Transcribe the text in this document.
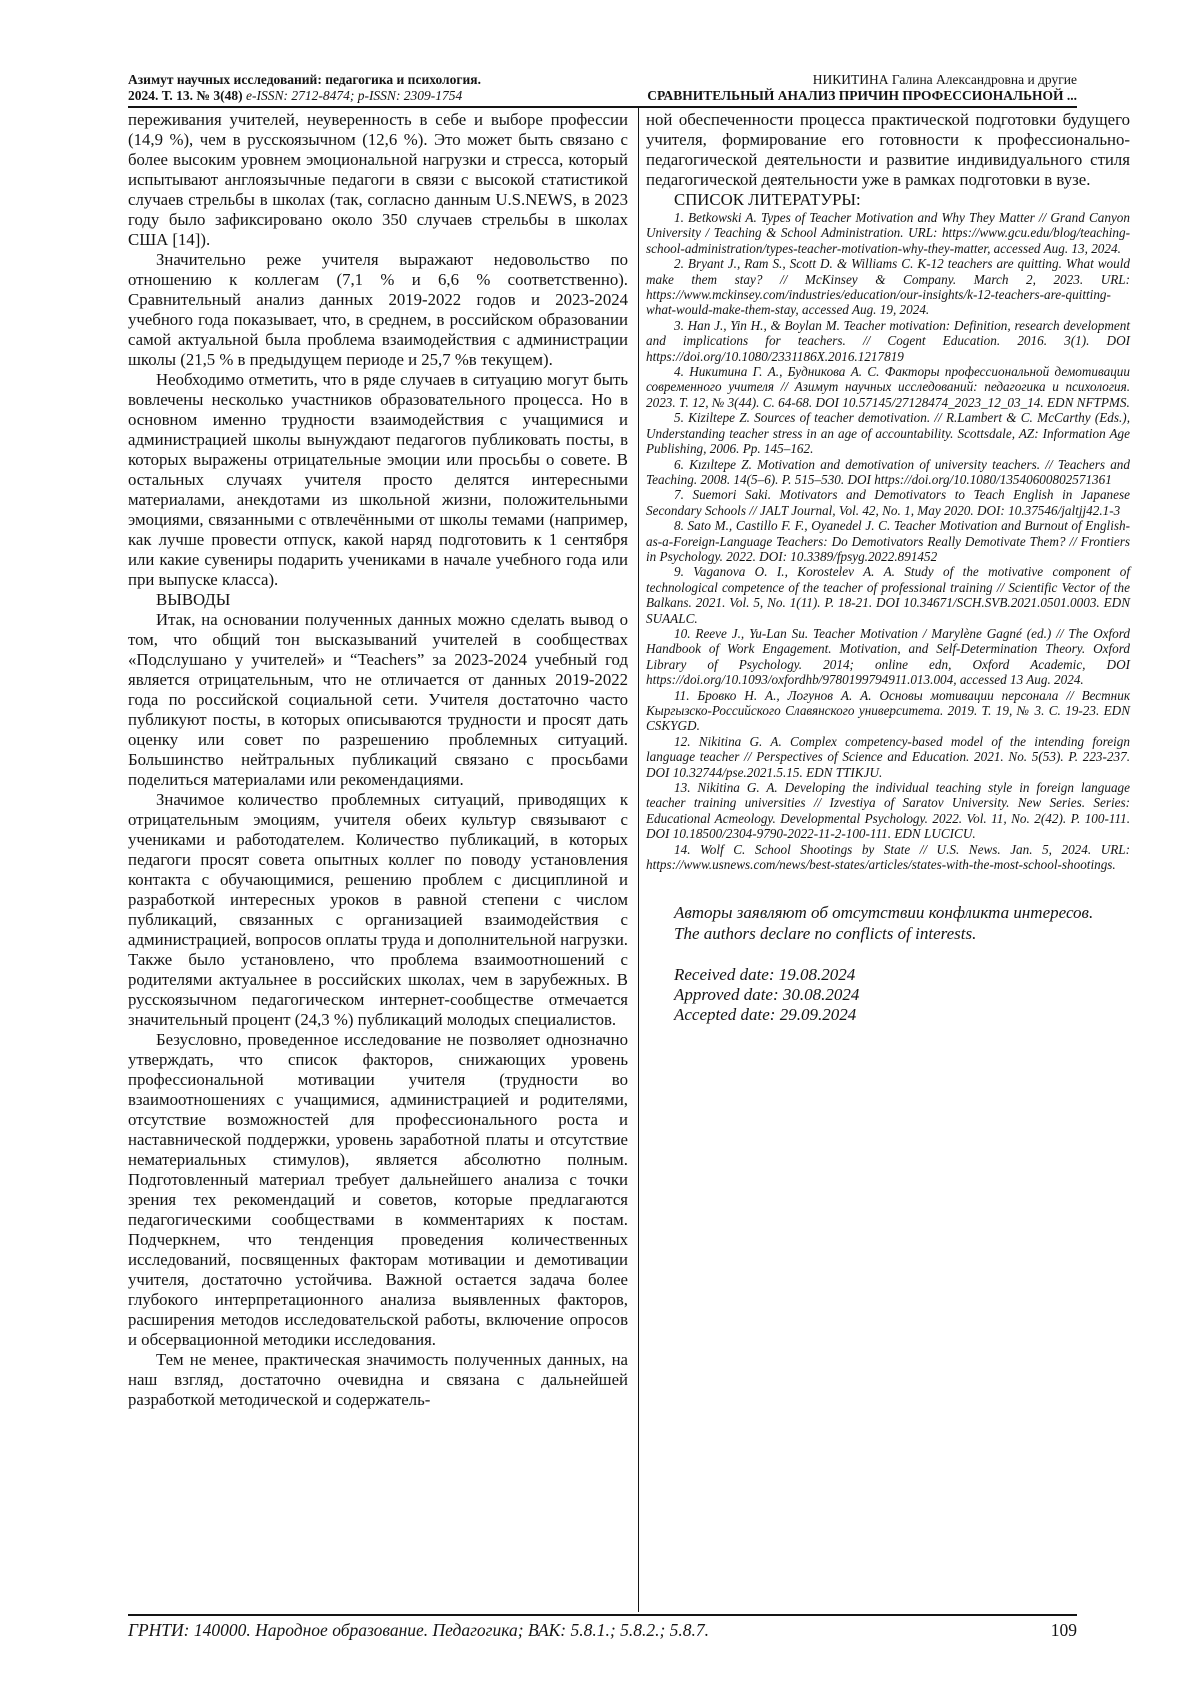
Азимут научных исследований: педагогика и психология.
2024. Т. 13. № 3(48) e-ISSN: 2712-8474; p-ISSN: 2309-1754
НИКИТИНА Галина Александровна и другие
СРАВНИТЕЛЬНЫЙ АНАЛИЗ ПРИЧИН ПРОФЕССИОНАЛЬНОЙ ...

переживания учителей, неуверенность в себе и выборе профессии (14,9 %), чем в русскоязычном (12,6 %). Это может быть связано с более высоким уровнем эмоциональной нагрузки и стресса, который испытывают англоязычные педагоги в связи с высокой статистикой случаев стрельбы в школах (так, согласно данным U.S.NEWS, в 2023 году было зафиксировано около 350 случаев стрельбы в школах США [14]).

Значительно реже учителя выражают недовольство по отношению к коллегам (7,1 % и 6,6 % соответственно). Сравнительный анализ данных 2019-2022 годов и 2023-2024 учебного года показывает, что, в среднем, в российском образовании самой актуальной была проблема взаимодействия с администрации школы (21,5 % в предыдущем периоде и 25,7 %в текущем).

Необходимо отметить, что в ряде случаев в ситуацию могут быть вовлечены несколько участников образовательного процесса. Но в основном именно трудности взаимодействия с учащимися и администрацией школы вынуждают педагогов публиковать посты, в которых выражены отрицательные эмоции или просьбы о совете. В остальных случаях учителя просто делятся интересными материалами, анекдотами из школьной жизни, положительными эмоциями, связанными с отвлечёнными от школы темами (например, как лучше провести отпуск, какой наряд подготовить к 1 сентября или какие сувениры подарить учениками в начале учебного года или при выпуске класса).

ВЫВОДЫ

Итак, на основании полученных данных можно сделать вывод о том, что общий тон высказываний учителей в сообществах «Подслушано у учителей» и “Teachers” за 2023-2024 учебный год является отрицательным, что не отличается от данных 2019-2022 года по российской социальной сети. Учителя достаточно часто публикуют посты, в которых описываются трудности и просят дать оценку или совет по разрешению проблемных ситуаций. Большинство нейтральных публикаций связано с просьбами поделиться материалами или рекомендациями.

Значимое количество проблемных ситуаций, приводящих к отрицательным эмоциям, учителя обеих культур связывают с учениками и работодателем. Количество публикаций, в которых педагоги просят совета опытных коллег по поводу установления контакта с обучающимися, решению проблем с дисциплиной и разработкой интересных уроков в равной степени с числом публикаций, связанных с организацией взаимодействия с администрацией, вопросов оплаты труда и дополнительной нагрузки. Также было установлено, что проблема взаимоотношений с родителями актуальнее в российских школах, чем в зарубежных. В русскоязычном педагогическом интернет-сообществе отмечается значительный процент (24,3 %) публикаций молодых специалистов.

Безусловно, проведенное исследование не позволяет однозначно утверждать, что список факторов, снижающих уровень профессиональной мотивации учителя (трудности во взаимоотношениях с учащимися, администрацией и родителями, отсутствие возможностей для профессионального роста и наставнической поддержки, уровень заработной платы и отсутствие нематериальных стимулов), является абсолютно полным. Подготовленный материал требует дальнейшего анализа с точки зрения тех рекомендаций и советов, которые предлагаются педагогическими сообществами в комментариях к постам. Подчеркнем, что тенденция проведения количественных исследований, посвященных факторам мотивации и демотивации учителя, достаточно устойчива. Важной остается задача более глубокого интерпретационного анализа выявленных факторов, расширения методов исследовательской работы, включение опросов и обсервационной методики исследования.

Тем не менее, практическая значимость полученных данных, на наш взгляд, достаточно очевидна и связана с дальнейшей разработкой методической и содержатель-

ной обеспеченности процесса практической подготовки будущего учителя, формирование его готовности к профессионально-педагогической деятельности и развитие индивидуального стиля педагогической деятельности уже в рамках подготовки в вузе.

СПИСОК ЛИТЕРАТУРЫ:

1. Betkowski A. Types of Teacher Motivation and Why They Matter // Grand Canyon University / Teaching & School Administration. URL: https://www.gcu.edu/blog/teaching-school-administration/types-teacher-motivation-why-they-matter, accessed Aug. 13, 2024.

2. Bryant J., Ram S., Scott D. & Williams C. K-12 teachers are quitting. What would make them stay? // McKinsey & Company. March 2, 2023. URL: https://www.mckinsey.com/industries/education/our-insights/k-12-teachers-are-quitting-what-would-make-them-stay, accessed Aug. 19, 2024.

3. Han J., Yin H., & Boylan M. Teacher motivation: Definition, research development and implications for teachers. // Cogent Education. 2016. 3(1). DOI https://doi.org/10.1080/2331186X.2016.1217819

4. Никитина Г. А., Будникова А. С. Факторы профессиональной демотивации современного учителя // Азимут научных исследований: педагогика и психология. 2023. Т. 12, № 3(44). С. 64-68. DOI 10.57145/27128474_2023_12_03_14. EDN NFTPMS.

5. Kiziltepe Z. Sources of teacher demotivation. // R.Lambert & C. McCarthy (Eds.), Understanding teacher stress in an age of accountability. Scottsdale, AZ: Information Age Publishing, 2006. Pp. 145–162.

6. Kızıltepe Z. Motivation and demotivation of university teachers. // Teachers and Teaching. 2008. 14(5–6). P. 515–530. DOI https://doi.org/10.1080/13540600802571361

7. Suemori Saki. Motivators and Demotivators to Teach English in Japanese Secondary Schools // JALT Journal, Vol. 42, No. 1, May 2020. DOI: 10.37546/jaltjj42.1-3

8. Sato M., Castillo F. F., Oyanedel J. C. Teacher Motivation and Burnout of English-as-a-Foreign-Language Teachers: Do Demotivators Really Demotivate Them? // Frontiers in Psychology. 2022. DOI: 10.3389/fpsyg.2022.891452

9. Vaganova O. I., Korostelev A. A. Study of the motivative component of technological competence of the teacher of professional training // Scientific Vector of the Balkans. 2021. Vol. 5, No. 1(11). P. 18-21. DOI 10.34671/SCH.SVB.2021.0501.0003. EDN SUAALC.

10. Reeve J., Yu-Lan Su. Teacher Motivation / Marylène Gagné (ed.) // The Oxford Handbook of Work Engagement. Motivation, and Self-Determination Theory. Oxford Library of Psychology. 2014; online edn, Oxford Academic, DOI https://doi.org/10.1093/oxfordhb/9780199794911.013.004, accessed 13 Aug. 2024.

11. Бровко Н. А., Логунов А. А. Основы мотивации персонала // Вестник Кыргызско-Российского Славянского университета. 2019. Т. 19, № 3. С. 19-23. EDN CSKYGD.

12. Nikitina G. A. Complex competency-based model of the intending foreign language teacher // Perspectives of Science and Education. 2021. No. 5(53). P. 223-237. DOI 10.32744/pse.2021.5.15. EDN TTIKJU.

13. Nikitina G. A. Developing the individual teaching style in foreign language teacher training universities // Izvestiya of Saratov University. New Series. Series: Educational Acmeology. Developmental Psychology. 2022. Vol. 11, No. 2(42). P. 100-111. DOI 10.18500/2304-9790-2022-11-2-100-111. EDN LUCICU.

14. Wolf C. School Shootings by State // U.S. News. Jan. 5, 2024. URL: https://www.usnews.com/news/best-states/articles/states-with-the-most-school-shootings.

Авторы заявляют об отсутствии конфликта интересов.

The authors declare no conflicts of interests.

Received date: 19.08.2024
Approved date: 30.08.2024
Accepted date: 29.09.2024
ГРНТИ: 140000. Народное образование. Педагогика; ВАК: 5.8.1.; 5.8.2.; 5.8.7.	109
